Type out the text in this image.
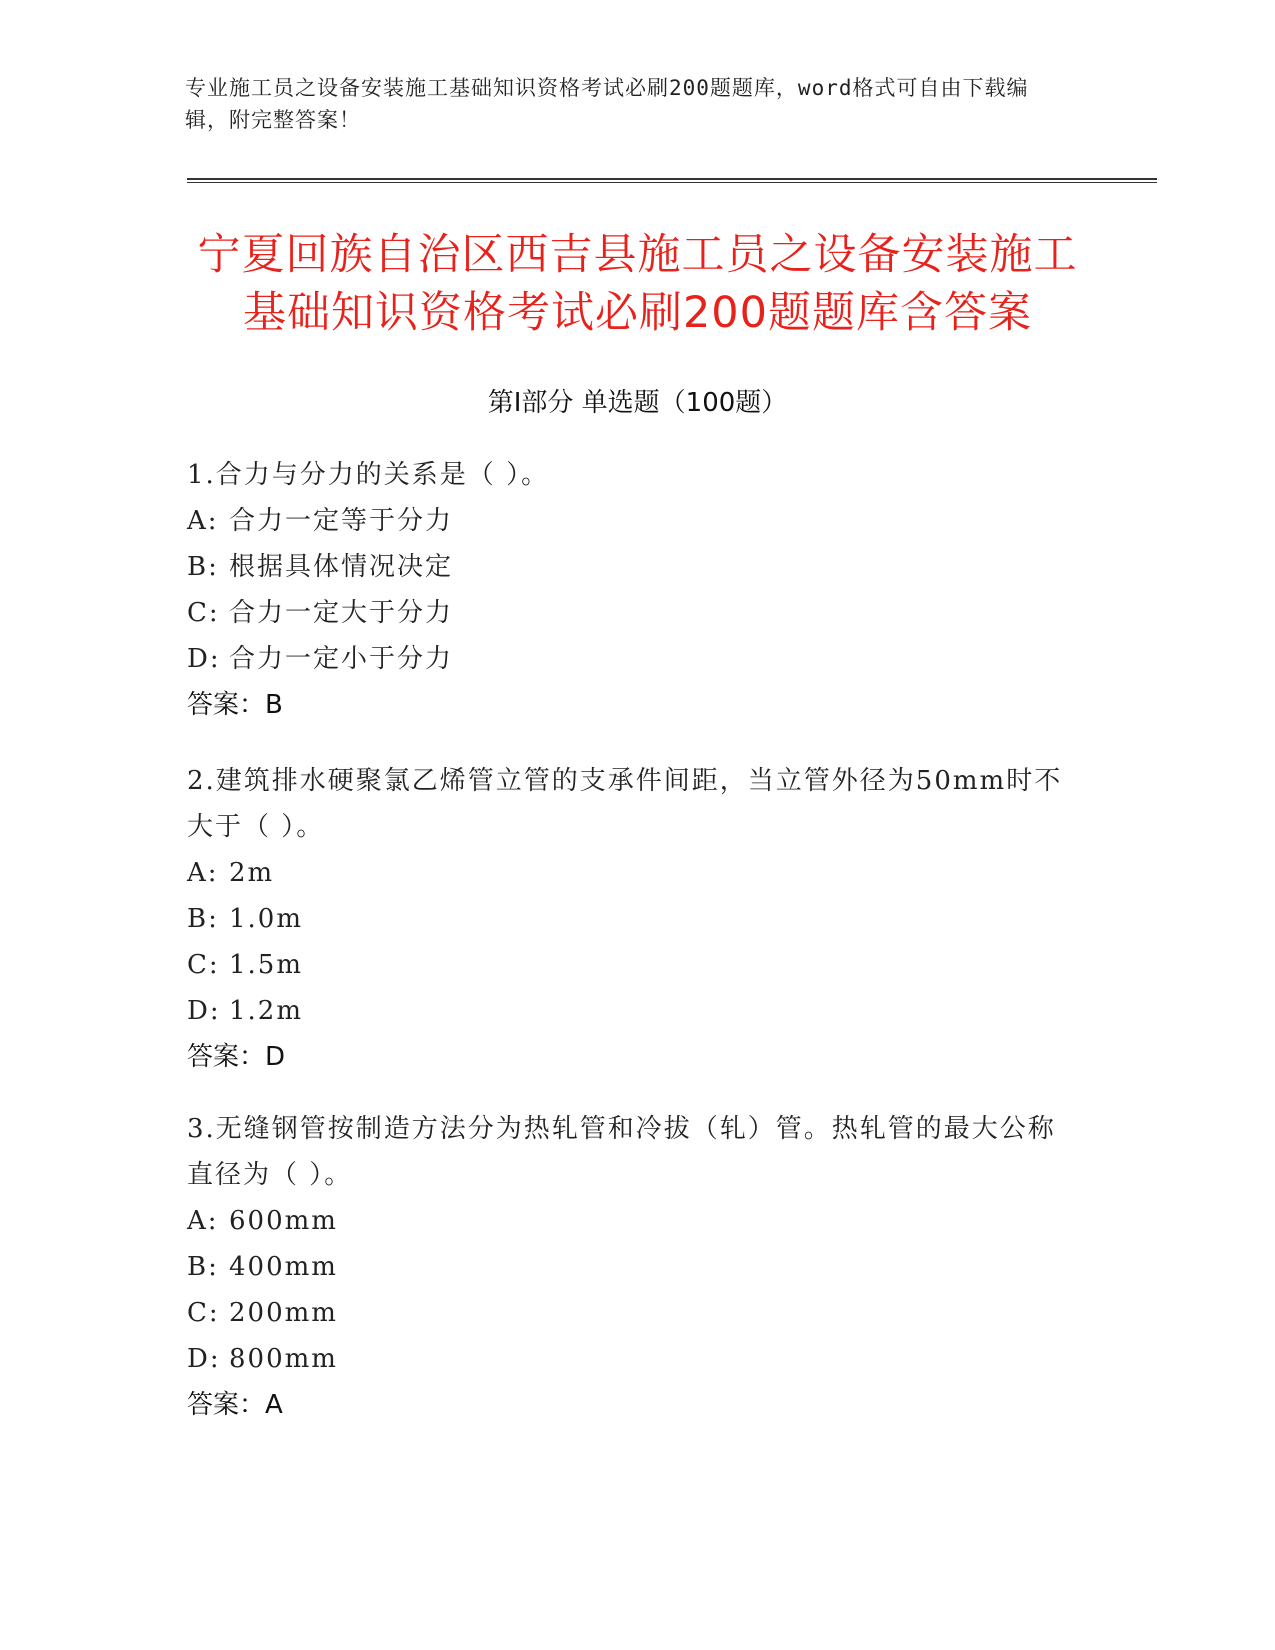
专业施工员之设备安装施工基础知识资格考试必刷200题题库，word格式可自由下载编辑，附完整答案！
宁夏回族自治区西吉县施工员之设备安装施工基础知识资格考试必刷200题题库含答案
第Ⅰ部分 单选题（100题）

1.合力与分力的关系是（ ）。

A: 合力一定等于分力

B: 根据具体情况决定

C: 合力一定大于分力

D: 合力一定小于分力

答案：B

2.建筑排水硬聚氯乙烯管立管的支承件间距，当立管外径为50mm时不大于（ ）。

A: 2m

B: 1.0m

C: 1.5m

D: 1.2m

答案：D

3.无缝钢管按制造方法分为热轧管和冷拔（轧）管。热轧管的最大公称直径为（ ）。

A: 600mm

B: 400mm

C: 200mm

D: 800mm

答案：A
